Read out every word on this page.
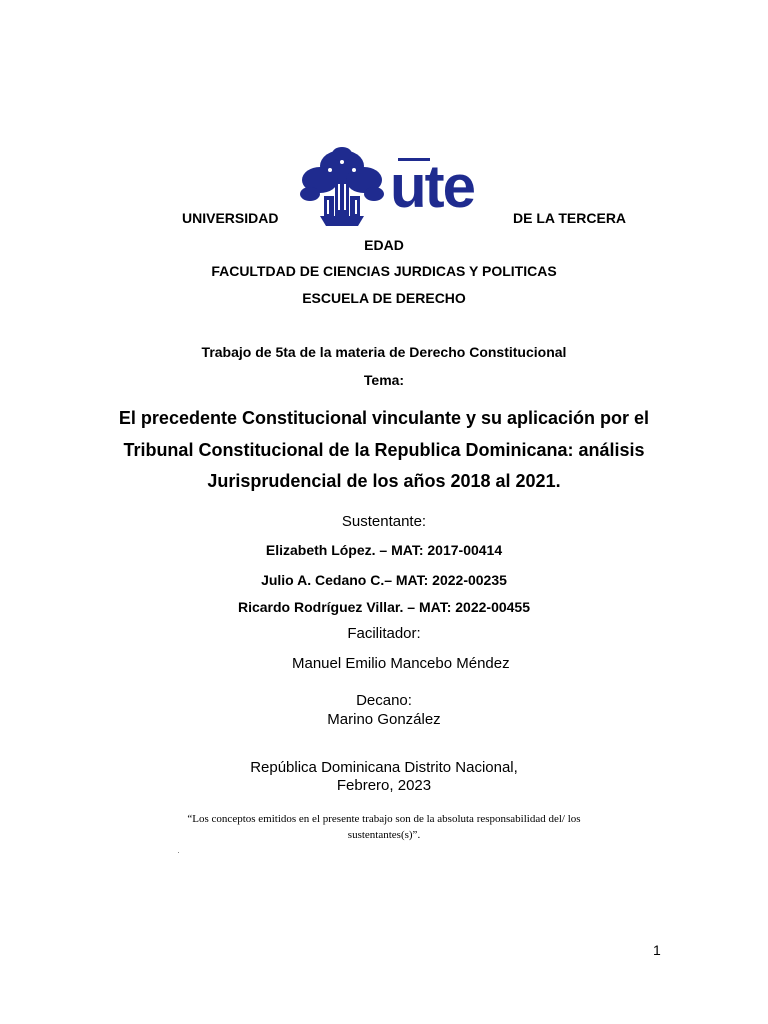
UNIVERSIDAD ute	DE LA TERCERA
EDAD
FACULTDAD DE CIENCIAS JURDICAS Y POLITICAS
ESCUELA DE DERECHO
Trabajo de 5ta de la materia de Derecho Constitucional
Tema:
El precedente Constitucional vinculante y su aplicación por el
Tribunal Constitucional de la Republica Dominicana: análisis
Jurisprudencial de los años 2018 al 2021.
Sustentante:
Elizabeth López. – MAT: 2017-00414
Julio A. Cedano C.– MAT: 2022-00235
Ricardo Rodríguez Villar. – MAT: 2022-00455
Facilitador:
Manuel Emilio Mancebo Méndez
Decano:
Marino González
República Dominicana Distrito Nacional,
Febrero, 2023
“Los conceptos emitidos en el presente trabajo son de la absoluta responsabilidad del/ los
sustentantes(s)”.
1
